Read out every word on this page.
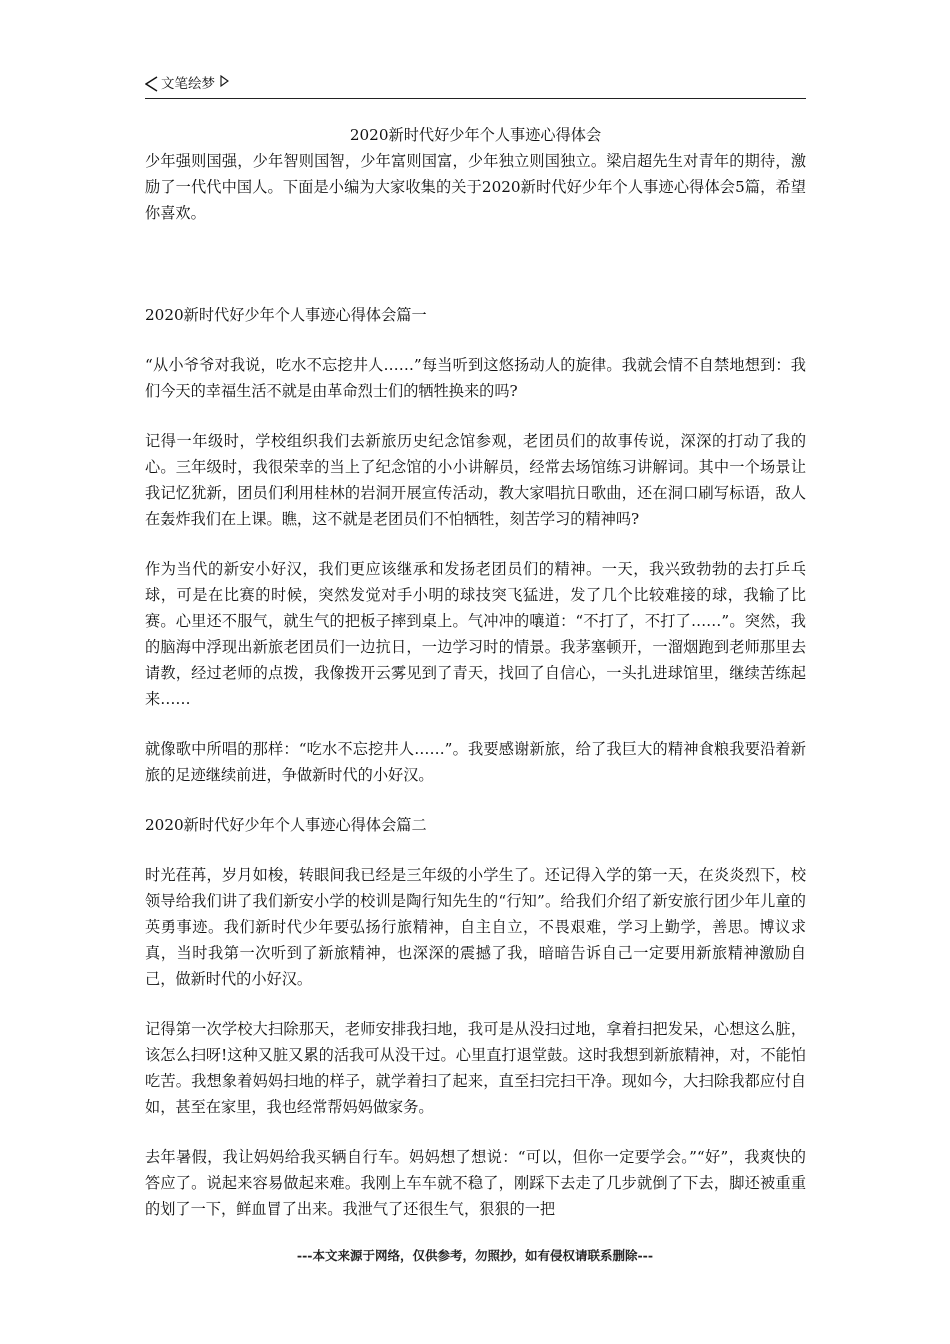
文笔绘梦
2020新时代好少年个人事迹心得体会

少年强则国强，少年智则国智，少年富则国富，少年独立则国独立。梁启超先生对青年的期待，激励了一代代中国人。下面是小编为大家收集的关于2020新时代好少年个人事迹心得体会5篇，希望你喜欢。

2020新时代好少年个人事迹心得体会篇一

“从小爷爷对我说，吃水不忘挖井人……”每当听到这悠扬动人的旋律。我就会情不自禁地想到：我们今天的幸福生活不就是由革命烈士们的牺牲换来的吗?

记得一年级时，学校组织我们去新旅历史纪念馆参观，老团员们的故事传说，深深的打动了我的心。三年级时，我很荣幸的当上了纪念馆的小小讲解员，经常去场馆练习讲解词。其中一个场景让我记忆犹新，团员们利用桂林的岩洞开展宣传活动，教大家唱抗日歌曲，还在洞口刷写标语，敌人在轰炸我们在上课。瞧，这不就是老团员们不怕牺牲，刻苦学习的精神吗?

作为当代的新安小好汉，我们更应该继承和发扬老团员们的精神。一天，我兴致勃勃的去打乒乓球，可是在比赛的时候，突然发觉对手小明的球技突飞猛进，发了几个比较难接的球，我输了比赛。心里还不服气，就生气的把板子摔到桌上。气冲冲的嚷道：“不打了，不打了……”。突然，我的脑海中浮现出新旅老团员们一边抗日，一边学习时的情景。我茅塞顿开，一溜烟跑到老师那里去请教，经过老师的点拨，我像拨开云雾见到了青天，找回了自信心，一头扎进球馆里，继续苦练起来……

就像歌中所唱的那样：“吃水不忘挖井人……”。我要感谢新旅，给了我巨大的精神食粮我要沿着新旅的足迹继续前进，争做新时代的小好汉。

2020新时代好少年个人事迹心得体会篇二

时光荏苒，岁月如梭，转眼间我已经是三年级的小学生了。还记得入学的第一天，在炎炎烈下，校领导给我们讲了我们新安小学的校训是陶行知先生的“行知”。给我们介绍了新安旅行团少年儿童的英勇事迹。我们新时代少年要弘扬行旅精神，自主自立，不畏艰难，学习上勤学，善思。博议求真，当时我第一次听到了新旅精神，也深深的震撼了我，暗暗告诉自己一定要用新旅精神激励自己，做新时代的小好汉。

记得第一次学校大扫除那天，老师安排我扫地，我可是从没扫过地，拿着扫把发呆，心想这么脏，该怎么扫呀!这种又脏又累的活我可从没干过。心里直打退堂鼓。这时我想到新旅精神，对，不能怕吃苦。我想象着妈妈扫地的样子，就学着扫了起来，直至扫完扫干净。现如今，大扫除我都应付自如，甚至在家里，我也经常帮妈妈做家务。

去年暑假，我让妈妈给我买辆自行车。妈妈想了想说：“可以，但你一定要学会。”“好”，我爽快的答应了。说起来容易做起来难。我刚上车车就不稳了，刚踩下去走了几步就倒了下去，脚还被重重的划了一下，鲜血冒了出来。我泄气了还很生气，狠狠的一把

---本文来源于网络，仅供参考，勿照抄，如有侵权请联系删除---
